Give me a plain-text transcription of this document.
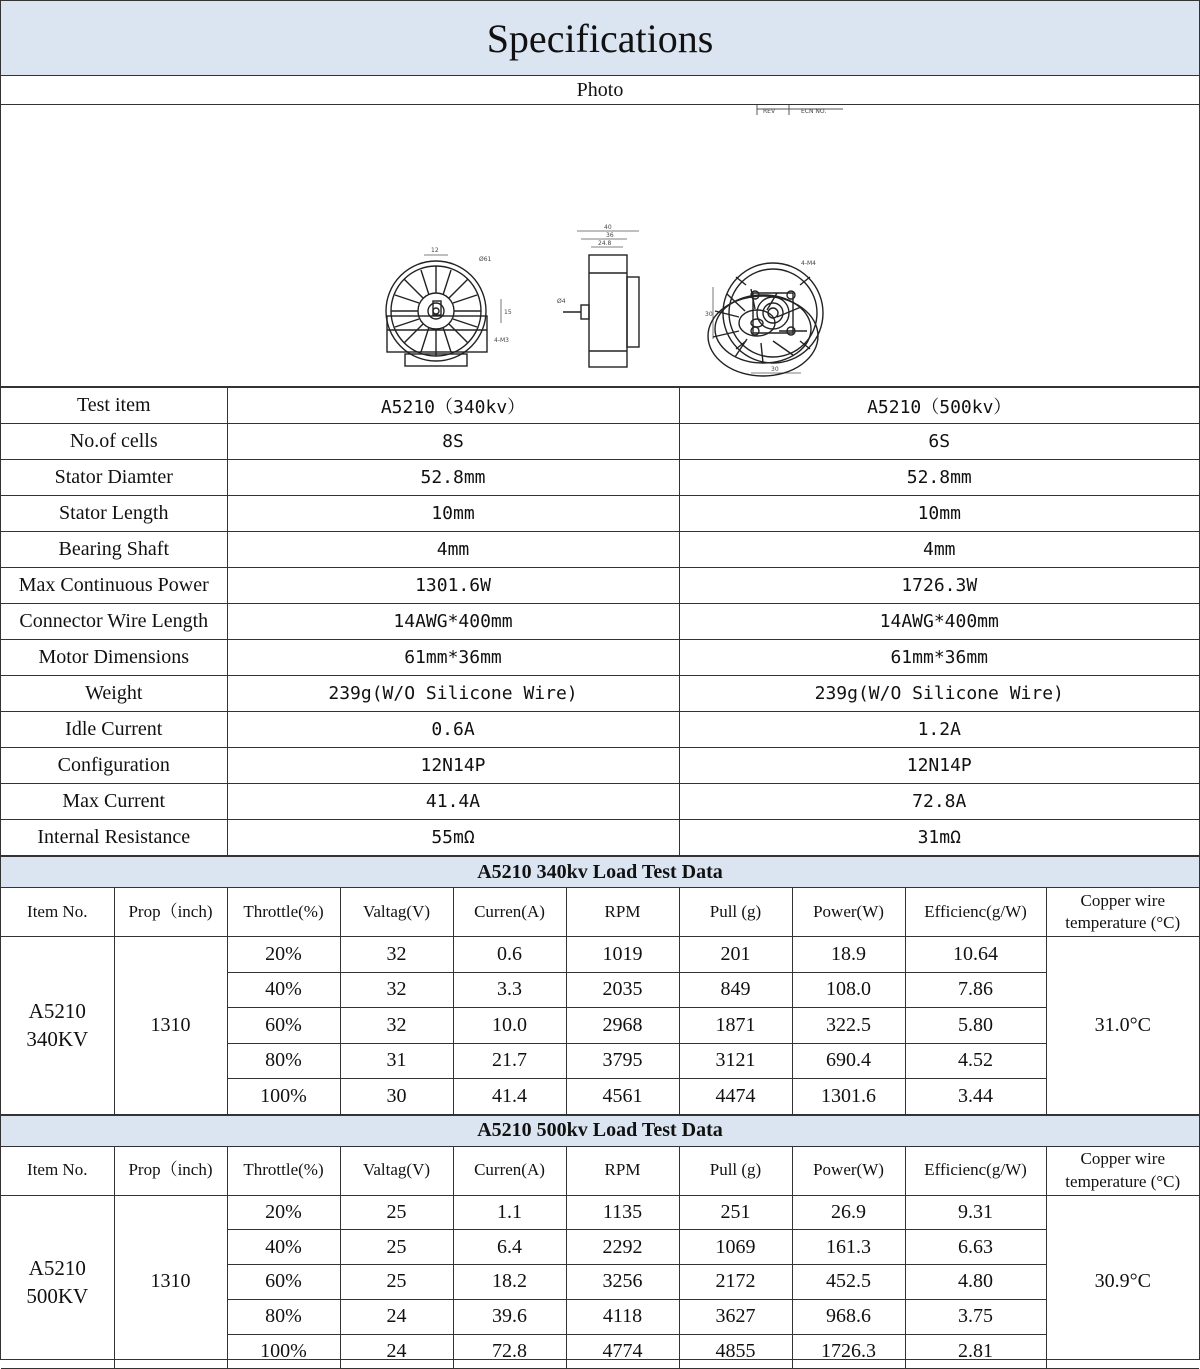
Specifications
Photo
REV	ECN NO.
12
Ø61
15
4-M3
40
36
24.8
Ø4
4-M4
30
30
Test item	A5210（340kv）	A5210（500kv）
No.of cells	8S	6S
Stator Diamter	52.8mm	52.8mm
Stator Length	10mm	10mm
Bearing Shaft	4mm	4mm
Max Continuous Power	1301.6W	1726.3W
Connector Wire Length	14AWG*400mm	14AWG*400mm
Motor Dimensions	61mm*36mm	61mm*36mm
Weight	239g(W/O Silicone Wire)	239g(W/O Silicone Wire)
Idle Current	0.6A	1.2A
Configuration	12N14P	12N14P
Max Current	41.4A	72.8A
Internal Resistance	55mΩ	31mΩ
A5210 340kv Load Test Data									
Item No.	Prop（inch)	Throttle(%)	Valtag(V)	Curren(A)	RPM	Pull (g)	Power(W)	Efficienc(g/W)	Copper wire temperature (°C)

A5210
340KV	1310	20%	32	0.6	1019	201	18.9	10.64	31.0°C
		40%	32	3.3	2035	849	108.0	7.86	
		60%	32	10.0	2968	1871	322.5	5.80	
		80%	31	21.7	3795	3121	690.4	4.52	
		100%	30	41.4	4561	4474	1301.6	3.44	
A5210 500kv Load Test Data									
Item No.	Prop（inch)	Throttle(%)	Valtag(V)	Curren(A)	RPM	Pull (g)	Power(W)	Efficienc(g/W)	Copper wire temperature (°C)

A5210
500KV	1310	20%	25	1.1	1135	251	26.9	9.31	30.9°C
		40%	25	6.4	2292	1069	161.3	6.63	
		60%	25	18.2	3256	2172	452.5	4.80	
		80%	24	39.6	4118	3627	968.6	3.75	
		100%	24	72.8	4774	4855	1726.3	2.81	
